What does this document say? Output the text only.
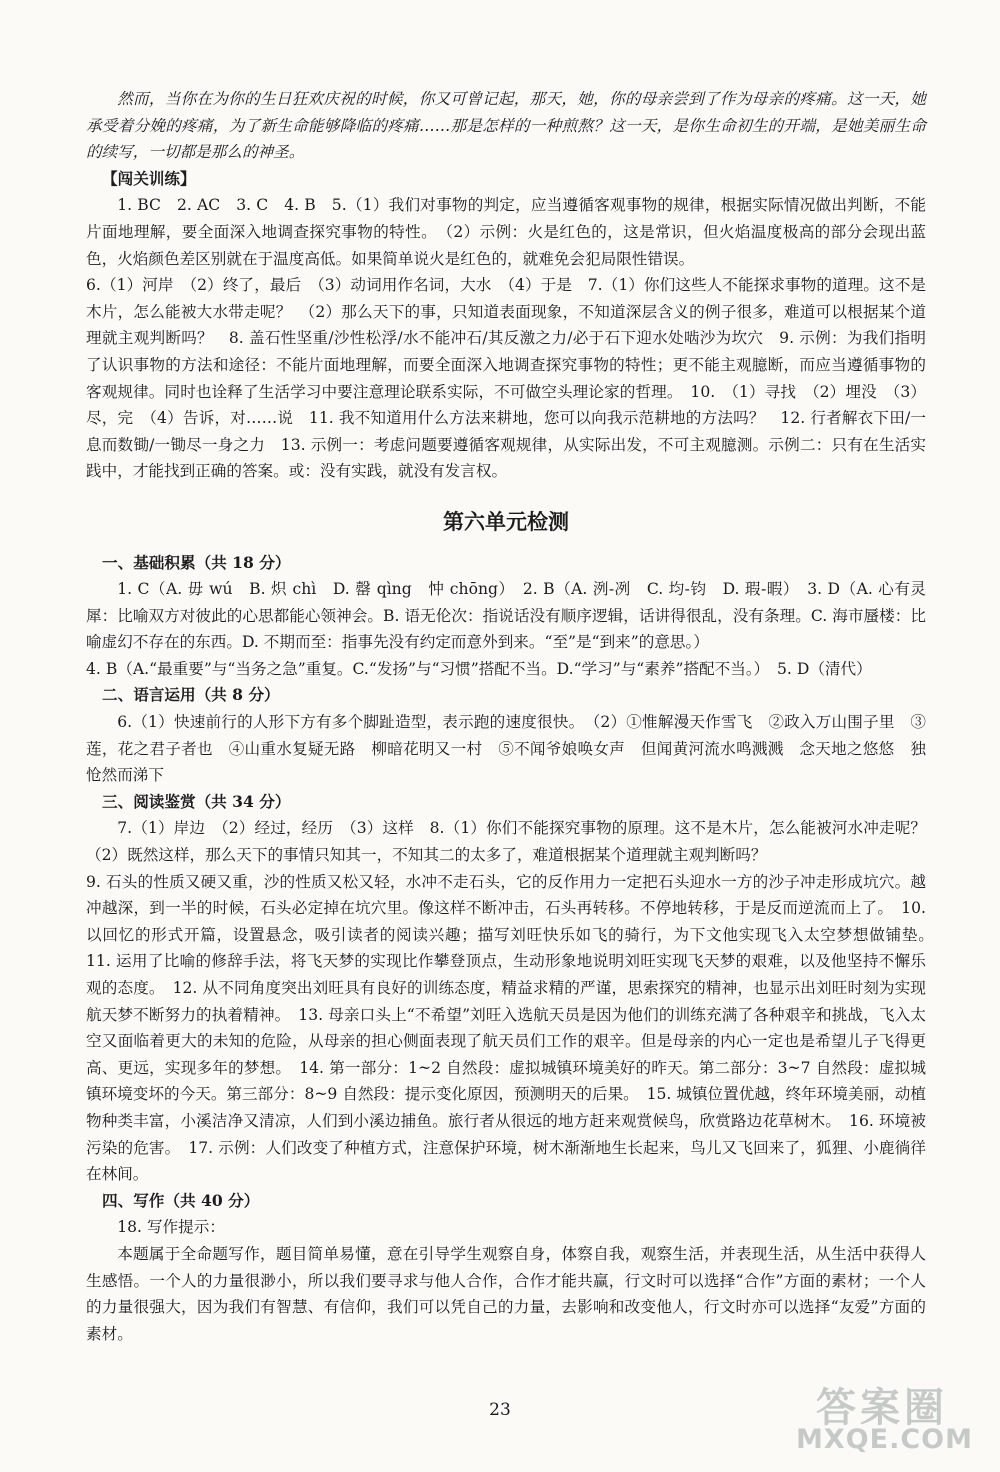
然而，当你在为你的生日狂欢庆祝的时候，你又可曾记起，那天，她，你的母亲尝到了作为母亲的疼痛。这一天，她承受着分娩的疼痛，为了新生命能够降临的疼痛……那是怎样的一种煎熬？这一天，是你生命初生的开端，是她美丽生命的续写，一切都是那么的神圣。

【闯关训练】

1. BC　2. AC　3. C　4. B　5.（1）我们对事物的判定，应当遵循客观事物的规律，根据实际情况做出判断，不能片面地理解，要全面深入地调查探究事物的特性。　（2）示例：火是红色的，这是常识，但火焰温度极高的部分会现出蓝色，火焰颜色差区别就在于温度高低。如果简单说火是红色的，就难免会犯局限性错误。

6.（1）河岸　（2）终了，最后　（3）动词用作名词，大水　（4）于是　7.（1）你们这些人不能探求事物的道理。这不是木片，怎么能被大水带走呢？　（2）那么天下的事，只知道表面现象，不知道深层含义的例子很多，难道可以根据某个道理就主观判断吗？　8. 盖石性坚重/沙性松浮/水不能冲石/其反激之力/必于石下迎水处啮沙为坎穴　9. 示例：为我们指明了认识事物的方法和途径：不能片面地理解，而要全面深入地调查探究事物的特性；更不能主观臆断，而应当遵循事物的客观规律。同时也诠释了生活学习中要注意理论联系实际，不可做空头理论家的哲理。　10.　（1）寻找　（2）埋没　（3）尽，完　（4）告诉，对……说　11. 我不知道用什么方法来耕地，您可以向我示范耕地的方法吗？　12. 行者解衣下田/一息而数锄/一锄尽一身之力　13. 示例一：考虑问题要遵循客观规律，从实际出发，不可主观臆测。示例二：只有在生活实践中，才能找到正确的答案。或：没有实践，就没有发言权。

第六单元检测

一、基础积累（共 18 分）

1. C（A. 毋 wú　B. 炽 chì　D. 罄 qìng　忡 chōng）　2. B（A. 洌-冽　C. 均-钧　D. 瑕-暇）　3. D（A. 心有灵犀：比喻双方对彼此的心思都能心领神会。B. 语无伦次：指说话没有顺序逻辑，话讲得很乱，没有条理。C. 海市蜃楼：比喻虚幻不存在的东西。D. 不期而至：指事先没有约定而意外到来。“至”是“到来”的意思。）

4. B（A.“最重要”与“当务之急”重复。C.“发扬”与“习惯”搭配不当。D.“学习”与“素养”搭配不当。）　5. D（清代）

二、语言运用（共 8 分）

6.（1）快速前行的人形下方有多个脚趾造型，表示跑的速度很快。　（2）①惟解漫天作雪飞　②政入万山围子里　③莲，花之君子者也　④山重水复疑无路　柳暗花明又一村　⑤不闻爷娘唤女声　但闻黄河流水鸣溅溅　念天地之悠悠　独怆然而涕下

三、阅读鉴赏（共 34 分）

7.（1）岸边　（2）经过，经历　（3）这样　8.（1）你们不能探究事物的原理。这不是木片，怎么能被河水冲走呢？　（2）既然这样，那么天下的事情只知其一，不知其二的太多了，难道根据某个道理就主观判断吗？

9. 石头的性质又硬又重，沙的性质又松又轻，水冲不走石头，它的反作用力一定把石头迎水一方的沙子冲走形成坑穴。越冲越深，到一半的时候，石头必定掉在坑穴里。像这样不断冲击，石头再转移。不停地转移，于是反而逆流而上了。　10. 以回忆的形式开篇，设置悬念，吸引读者的阅读兴趣；描写刘旺快乐如飞的骑行，为下文他实现飞入太空梦想做铺垫。　11. 运用了比喻的修辞手法，将飞天梦的实现比作攀登顶点，生动形象地说明刘旺实现飞天梦的艰难，以及他坚持不懈乐观的态度。　12. 从不同角度突出刘旺具有良好的训练态度，精益求精的严谨，思索探究的精神，也显示出刘旺时刻为实现航天梦不断努力的执着精神。　13. 母亲口头上“不希望”刘旺入选航天员是因为他们的训练充满了各种艰辛和挑战，飞入太空又面临着更大的未知的危险，从母亲的担心侧面表现了航天员们工作的艰辛。但是母亲的内心一定也是希望儿子飞得更高、更远，实现多年的梦想。　14. 第一部分：1~2 自然段：虚拟城镇环境美好的昨天。第二部分：3~7 自然段：虚拟城镇环境变坏的今天。第三部分：8~9 自然段：提示变化原因，预测明天的后果。　15. 城镇位置优越，终年环境美丽，动植物种类丰富，小溪洁净又清凉，人们到小溪边捕鱼。旅行者从很远的地方赶来观赏候鸟，欣赏路边花草树木。　16. 环境被污染的危害。　17. 示例：人们改变了种植方式，注意保护环境，树木渐渐地生长起来，鸟儿又飞回来了，狐狸、小鹿徜徉在林间。

四、写作（共 40 分）

18. 写作提示：

本题属于全命题写作，题目简单易懂，意在引导学生观察自身，体察自我，观察生活，并表现生活，从生活中获得人生感悟。一个人的力量很渺小，所以我们要寻求与他人合作，合作才能共赢，行文时可以选择“合作”方面的素材；一个人的力量很强大，因为我们有智慧、有信仰，我们可以凭自己的力量，去影响和改变他人，行文时亦可以选择“友爱”方面的素材。

23	答案圈
MXQE.COM
